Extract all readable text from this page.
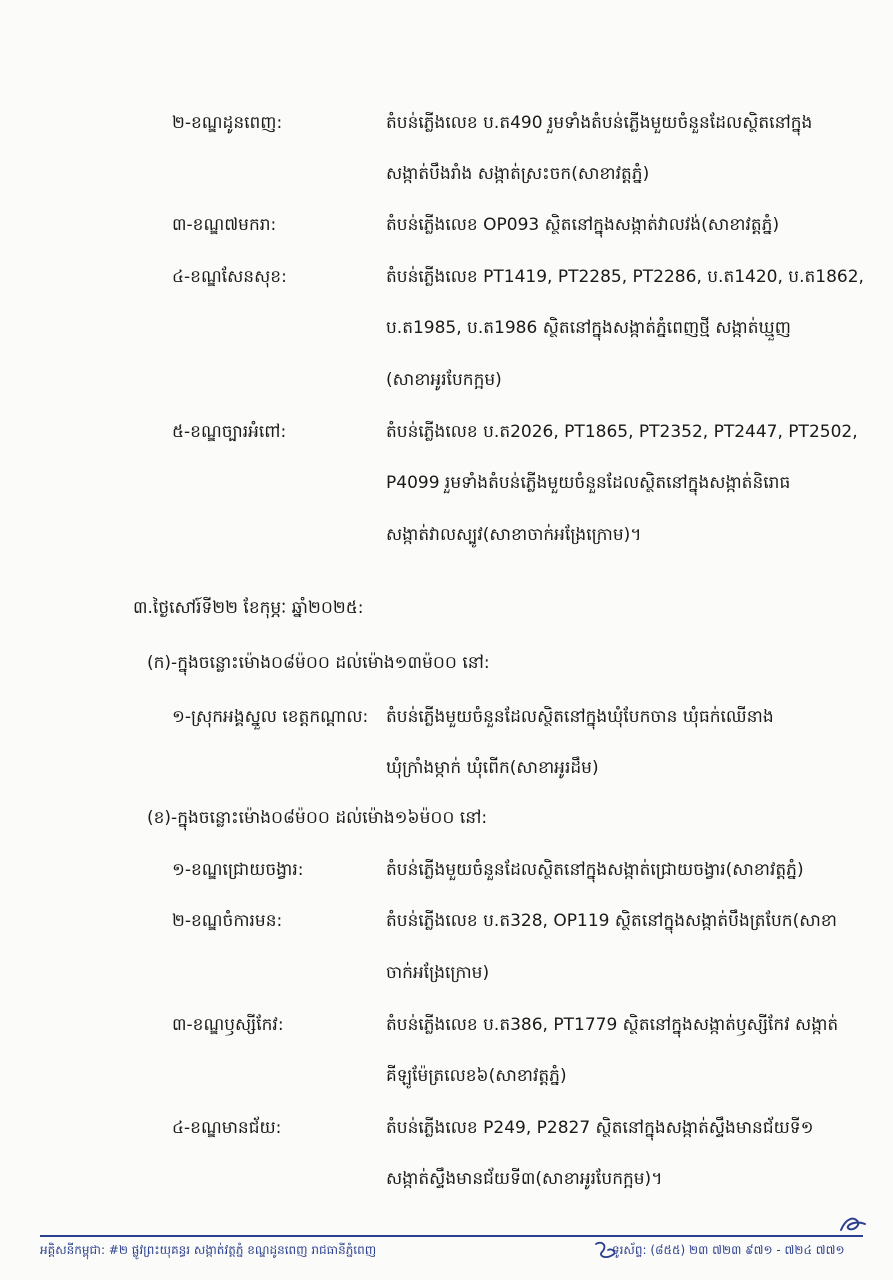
២-ខណ្ឌដូនពេញ:	តំបន់ភ្លើងលេខ ប.ត490 រួមទាំងតំបន់ភ្លើងមួយចំនួនដែលស្ថិតនៅក្នុង
សង្កាត់បឹងរាំង សង្កាត់ស្រះចក(សាខាវត្តភ្នំ)
៣-ខណ្ឌ៧មករា:	តំបន់ភ្លើងលេខ OP093 ស្ថិតនៅក្នុងសង្កាត់វាលវង់(សាខាវត្តភ្នំ)
៤-ខណ្ឌសែនសុខ:	តំបន់ភ្លើងលេខ PT1419, PT2285, PT2286, ប.ត1420, ប.ត1862,
ប.ត1985, ប.ត1986 ស្ថិតនៅក្នុងសង្កាត់ភ្នំពេញថ្មី សង្កាត់ឃ្មួញ
(សាខាអូរបែកក្អម)
៥-ខណ្ឌច្បារអំពៅ:	តំបន់ភ្លើងលេខ ប.ត2026, PT1865, PT2352, PT2447, PT2502,
P4099 រួមទាំងតំបន់ភ្លើងមួយចំនួនដែលស្ថិតនៅក្នុងសង្កាត់និរោធ
សង្កាត់វាលស្បូវ(សាខាចាក់អង្រែក្រោម)។
៣.ថ្ងៃសៅរ៍ទី២២ ខែកុម្ភៈ ឆ្នាំ២០២៥:
(ក)-ក្នុងចន្លោះម៉ោង០៨ម៉០០ ដល់ម៉ោង១៣ម៉០០ នៅ:
១-ស្រុកអង្គស្នួល ខេត្តកណ្ដាល: តំបន់ភ្លើងមួយចំនួនដែលស្ថិតនៅក្នុងឃុំបែកចាន ឃុំធក់ឈើនាង
ឃុំក្រាំងម្កាក់ ឃុំពើក(សាខាអូរដឹម)
(ខ)-ក្នុងចន្លោះម៉ោង០៨ម៉០០ ដល់ម៉ោង១៦ម៉០០ នៅ:
១-ខណ្ឌជ្រោយចង្វារ:	តំបន់ភ្លើងមួយចំនួនដែលស្ថិតនៅក្នុងសង្កាត់ជ្រោយចង្វារ(សាខាវត្តភ្នំ)
២-ខណ្ឌចំការមន:	តំបន់ភ្លើងលេខ ប.ត328, OP119 ស្ថិតនៅក្នុងសង្កាត់បឹងត្របែក(សាខា
ចាក់អង្រែក្រោម)
៣-ខណ្ឌឫស្សីកែវ:	តំបន់ភ្លើងលេខ ប.ត386, PT1779 ស្ថិតនៅក្នុងសង្កាត់ឫស្សីកែវ សង្កាត់
គីឡូម៉ែត្រលេខ៦(សាខាវត្តភ្នំ)
៤-ខណ្ឌមានជ័យ:	តំបន់ភ្លើងលេខ P249, P2827 ស្ថិតនៅក្នុងសង្កាត់ស្ទឹងមានជ័យទី១
សង្កាត់ស្ទឹងមានជ័យទី៣(សាខាអូរបែកក្អម)។
អគ្គិសនីកម្ពុជា: #២ ផ្លូវព្រះយុគន្ធរ សង្កាត់វត្តភ្នំ ខណ្ឌដូនពេញ រាជធានីភ្នំពេញ	ទូរស័ព្ទ: (៨៥៥) ២៣ ៧២៣ ៩៧១ - ៧២៤ ៧៧១
